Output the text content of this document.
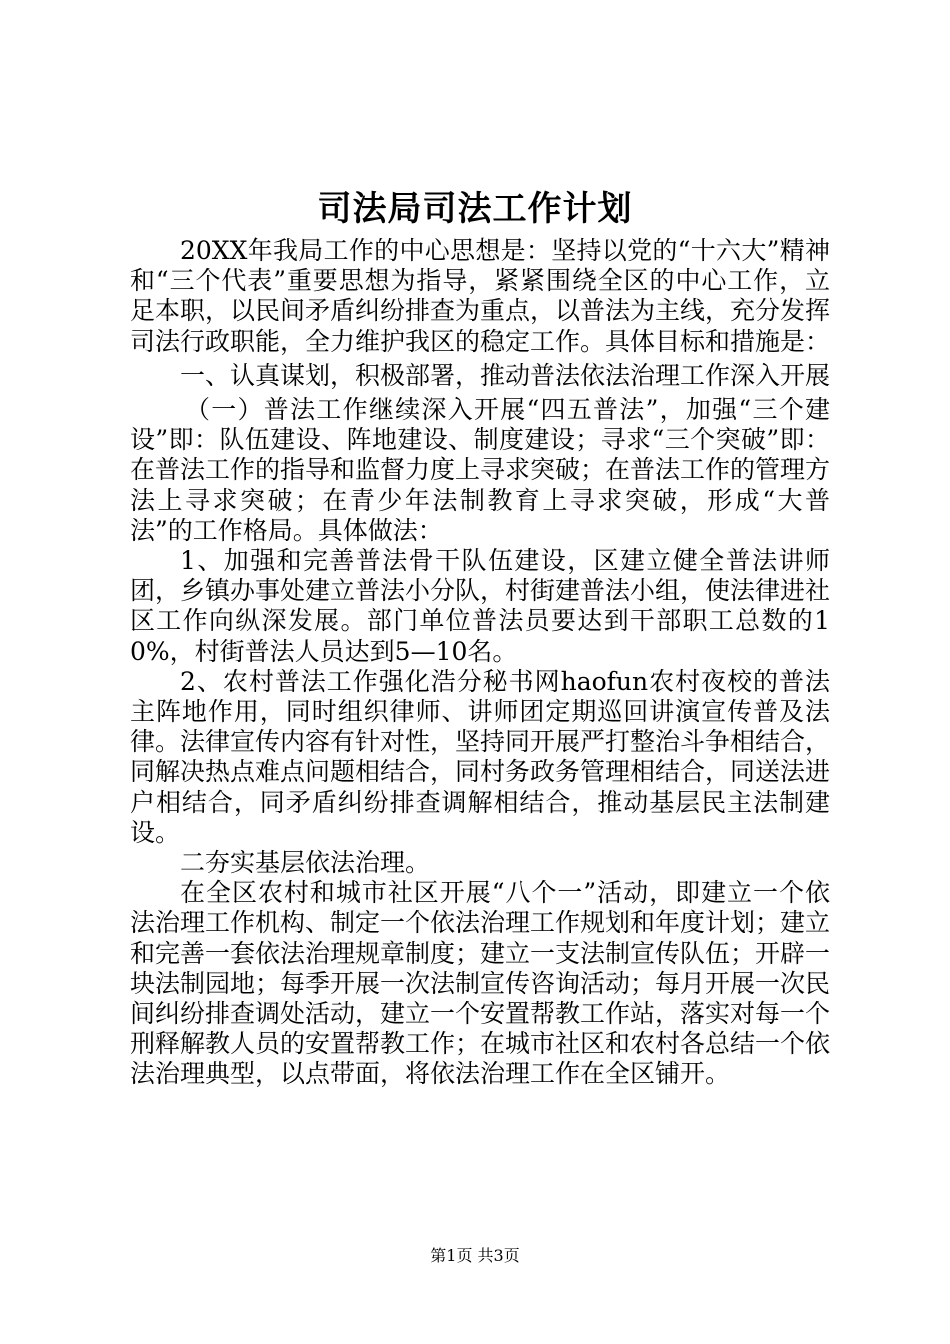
司法局司法工作计划

20XX年我局工作的中心思想是：坚持以党的“十六大”精神和“三个代表”重要思想为指导，紧紧围绕全区的中心工作，立足本职，以民间矛盾纠纷排查为重点，以普法为主线，充分发挥司法行政职能，全力维护我区的稳定工作。具体目标和措施是：

一、认真谋划，积极部署，推动普法依法治理工作深入开展

（一）普法工作继续深入开展“四五普法”，加强“三个建设”即：队伍建设、阵地建设、制度建设；寻求“三个突破”即：在普法工作的指导和监督力度上寻求突破；在普法工作的管理方法上寻求突破；在青少年法制教育上寻求突破，形成“大普法”的工作格局。具体做法：

1、加强和完善普法骨干队伍建设，区建立健全普法讲师团，乡镇办事处建立普法小分队，村街建普法小组，使法律进社区工作向纵深发展。部门单位普法员要达到干部职工总数的10%，村街普法人员达到5—10名。

2、农村普法工作强化浩分秘书网haofun农村夜校的普法主阵地作用，同时组织律师、讲师团定期巡回讲演宣传普及法律。法律宣传内容有针对性，坚持同开展严打整治斗争相结合，同解决热点难点问题相结合，同村务政务管理相结合，同送法进户相结合，同矛盾纠纷排查调解相结合，推动基层民主法制建设。

二夯实基层依法治理。

在全区农村和城市社区开展“八个一”活动，即建立一个依法治理工作机构、制定一个依法治理工作规划和年度计划；建立和完善一套依法治理规章制度；建立一支法制宣传队伍；开辟一块法制园地；每季开展一次法制宣传咨询活动；每月开展一次民间纠纷排查调处活动，建立一个安置帮教工作站，落实对每一个刑释解教人员的安置帮教工作；在城市社区和农村各总结一个依法治理典型，以点带面，将依法治理工作在全区铺开。

第1页 共3页
